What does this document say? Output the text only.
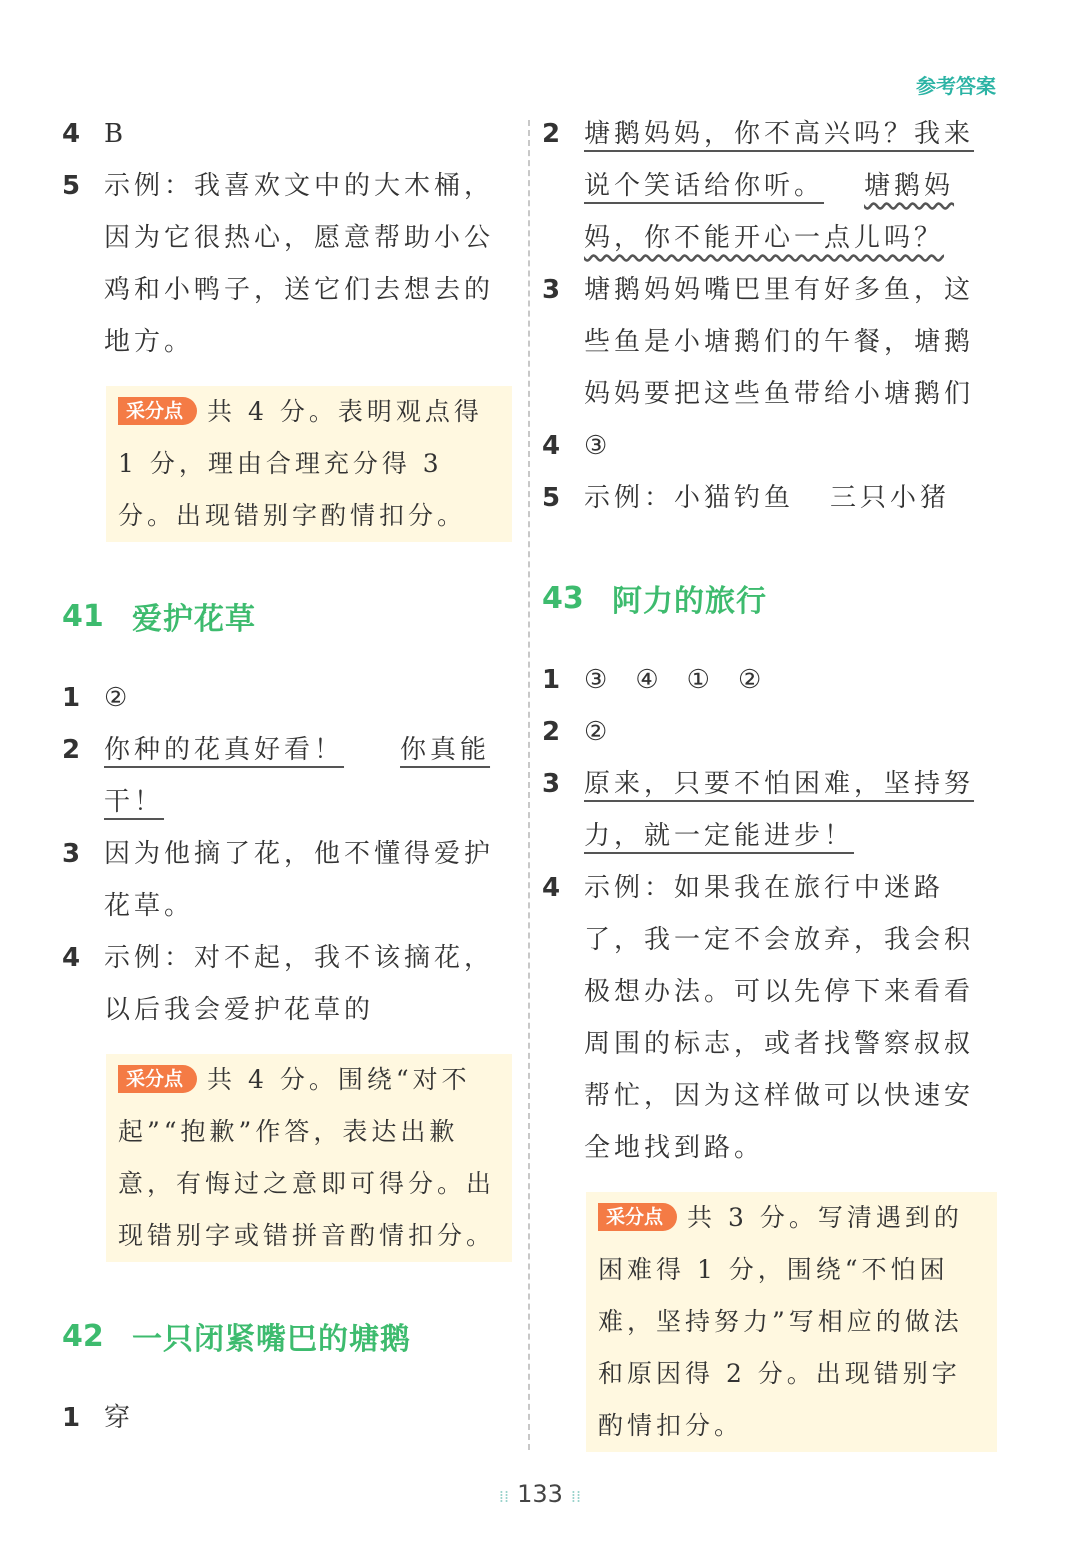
参考答案
4 B
5 示例：我喜欢文中的大木桶，因为它很热心，愿意帮助小公鸡和小鸭子，送它们去想去的地方。
采分点 共 4 分。表明观点得 1 分，理由合理充分得 3 分。出现错别字酌情扣分。
41 爱护花草
1 ②
2 你种的花真好看！ 你真能干！
3 因为他摘了花，他不懂得爱护花草。
4 示例：对不起，我不该摘花，以后我会爱护花草的
采分点 共 4 分。围绕“对不起”“抱歉”作答，表达出歉意，有悔过之意即可得分。出现错别字或错拼音酌情扣分。
42 一只闭紧嘴巴的塘鹅
1 穿
2 塘鹅妈妈，你不高兴吗？我来说个笑话给你听。 塘鹅妈妈，你不能开心一点儿吗？
3 塘鹅妈妈嘴巴里有好多鱼，这些鱼是小塘鹅们的午餐，塘鹅妈妈要把这些鱼带给小塘鹅们
4 ③
5 示例：小猫钓鱼 三只小猪
43 阿力的旅行
1 ③ ④ ① ②
2 ②
3 原来，只要不怕困难，坚持努力，就一定能进步！
4 示例：如果我在旅行中迷路了，我一定不会放弃，我会积极想办法。可以先停下来看看周围的标志，或者找警察叔叔帮忙，因为这样做可以快速安全地找到路。
采分点 共 3 分。写清遇到的困难得 1 分，围绕“不怕困难，坚持努力”写相应的做法和原因得 2 分。出现错别字酌情扣分。
⁞⁞ 133 ⁞⁞
